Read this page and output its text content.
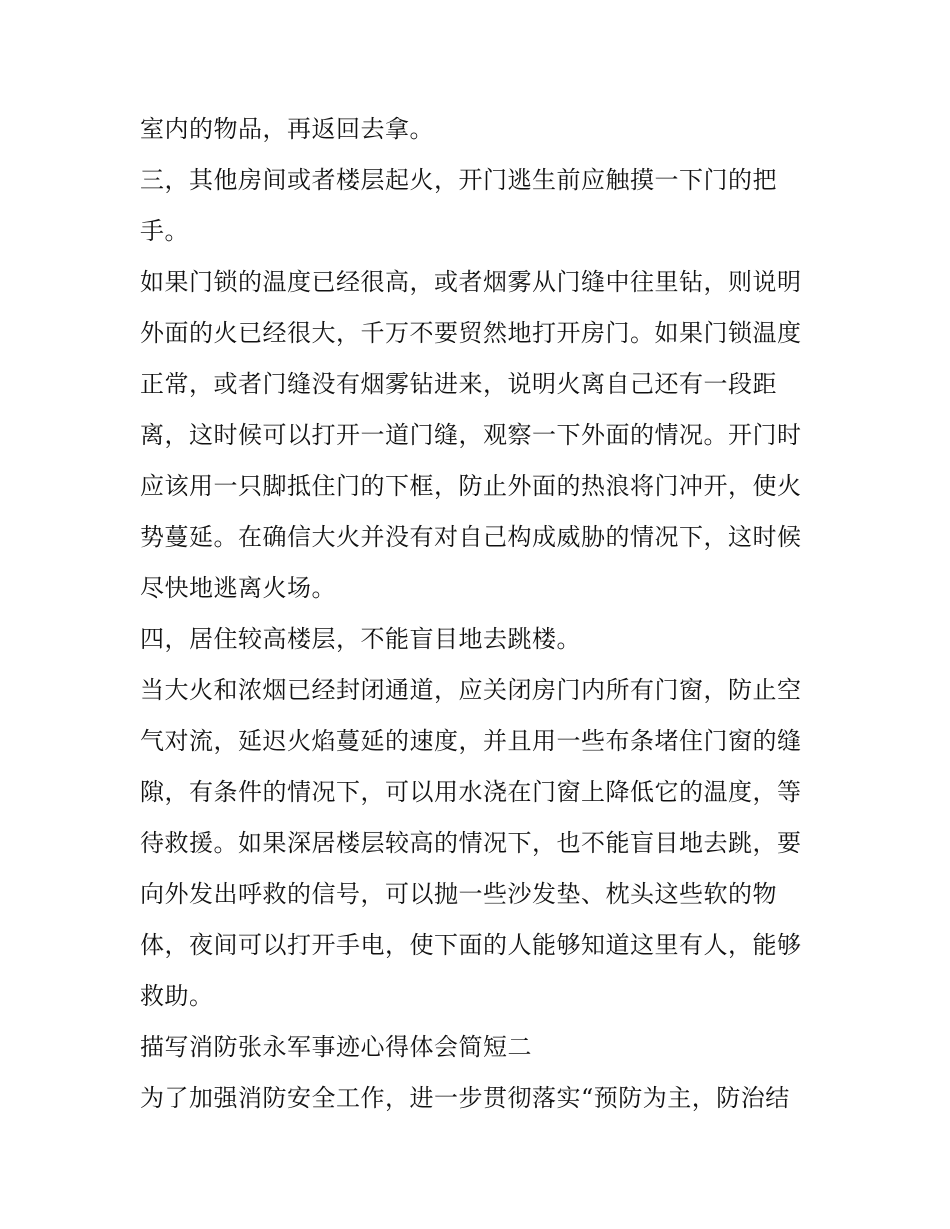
室内的物品，再返回去拿。
三，其他房间或者楼层起火，开门逃生前应触摸一下门的把
手。
如果门锁的温度已经很高，或者烟雾从门缝中往里钻，则说明
外面的火已经很大，千万不要贸然地打开房门。如果门锁温度
正常，或者门缝没有烟雾钻进来，说明火离自己还有一段距
离，这时候可以打开一道门缝，观察一下外面的情况。开门时
应该用一只脚抵住门的下框，防止外面的热浪将门冲开，使火
势蔓延。在确信大火并没有对自己构成威胁的情况下，这时候
尽快地逃离火场。
四，居住较高楼层，不能盲目地去跳楼。
当大火和浓烟已经封闭通道，应关闭房门内所有门窗，防止空
气对流，延迟火焰蔓延的速度，并且用一些布条堵住门窗的缝
隙，有条件的情况下，可以用水浇在门窗上降低它的温度，等
待救援。如果深居楼层较高的情况下，也不能盲目地去跳，要
向外发出呼救的信号，可以抛一些沙发垫、枕头这些软的物
体，夜间可以打开手电，使下面的人能够知道这里有人，能够
救助。
描写消防张永军事迹心得体会简短二
为了加强消防安全工作，进一步贯彻落实“预防为主，防治结
